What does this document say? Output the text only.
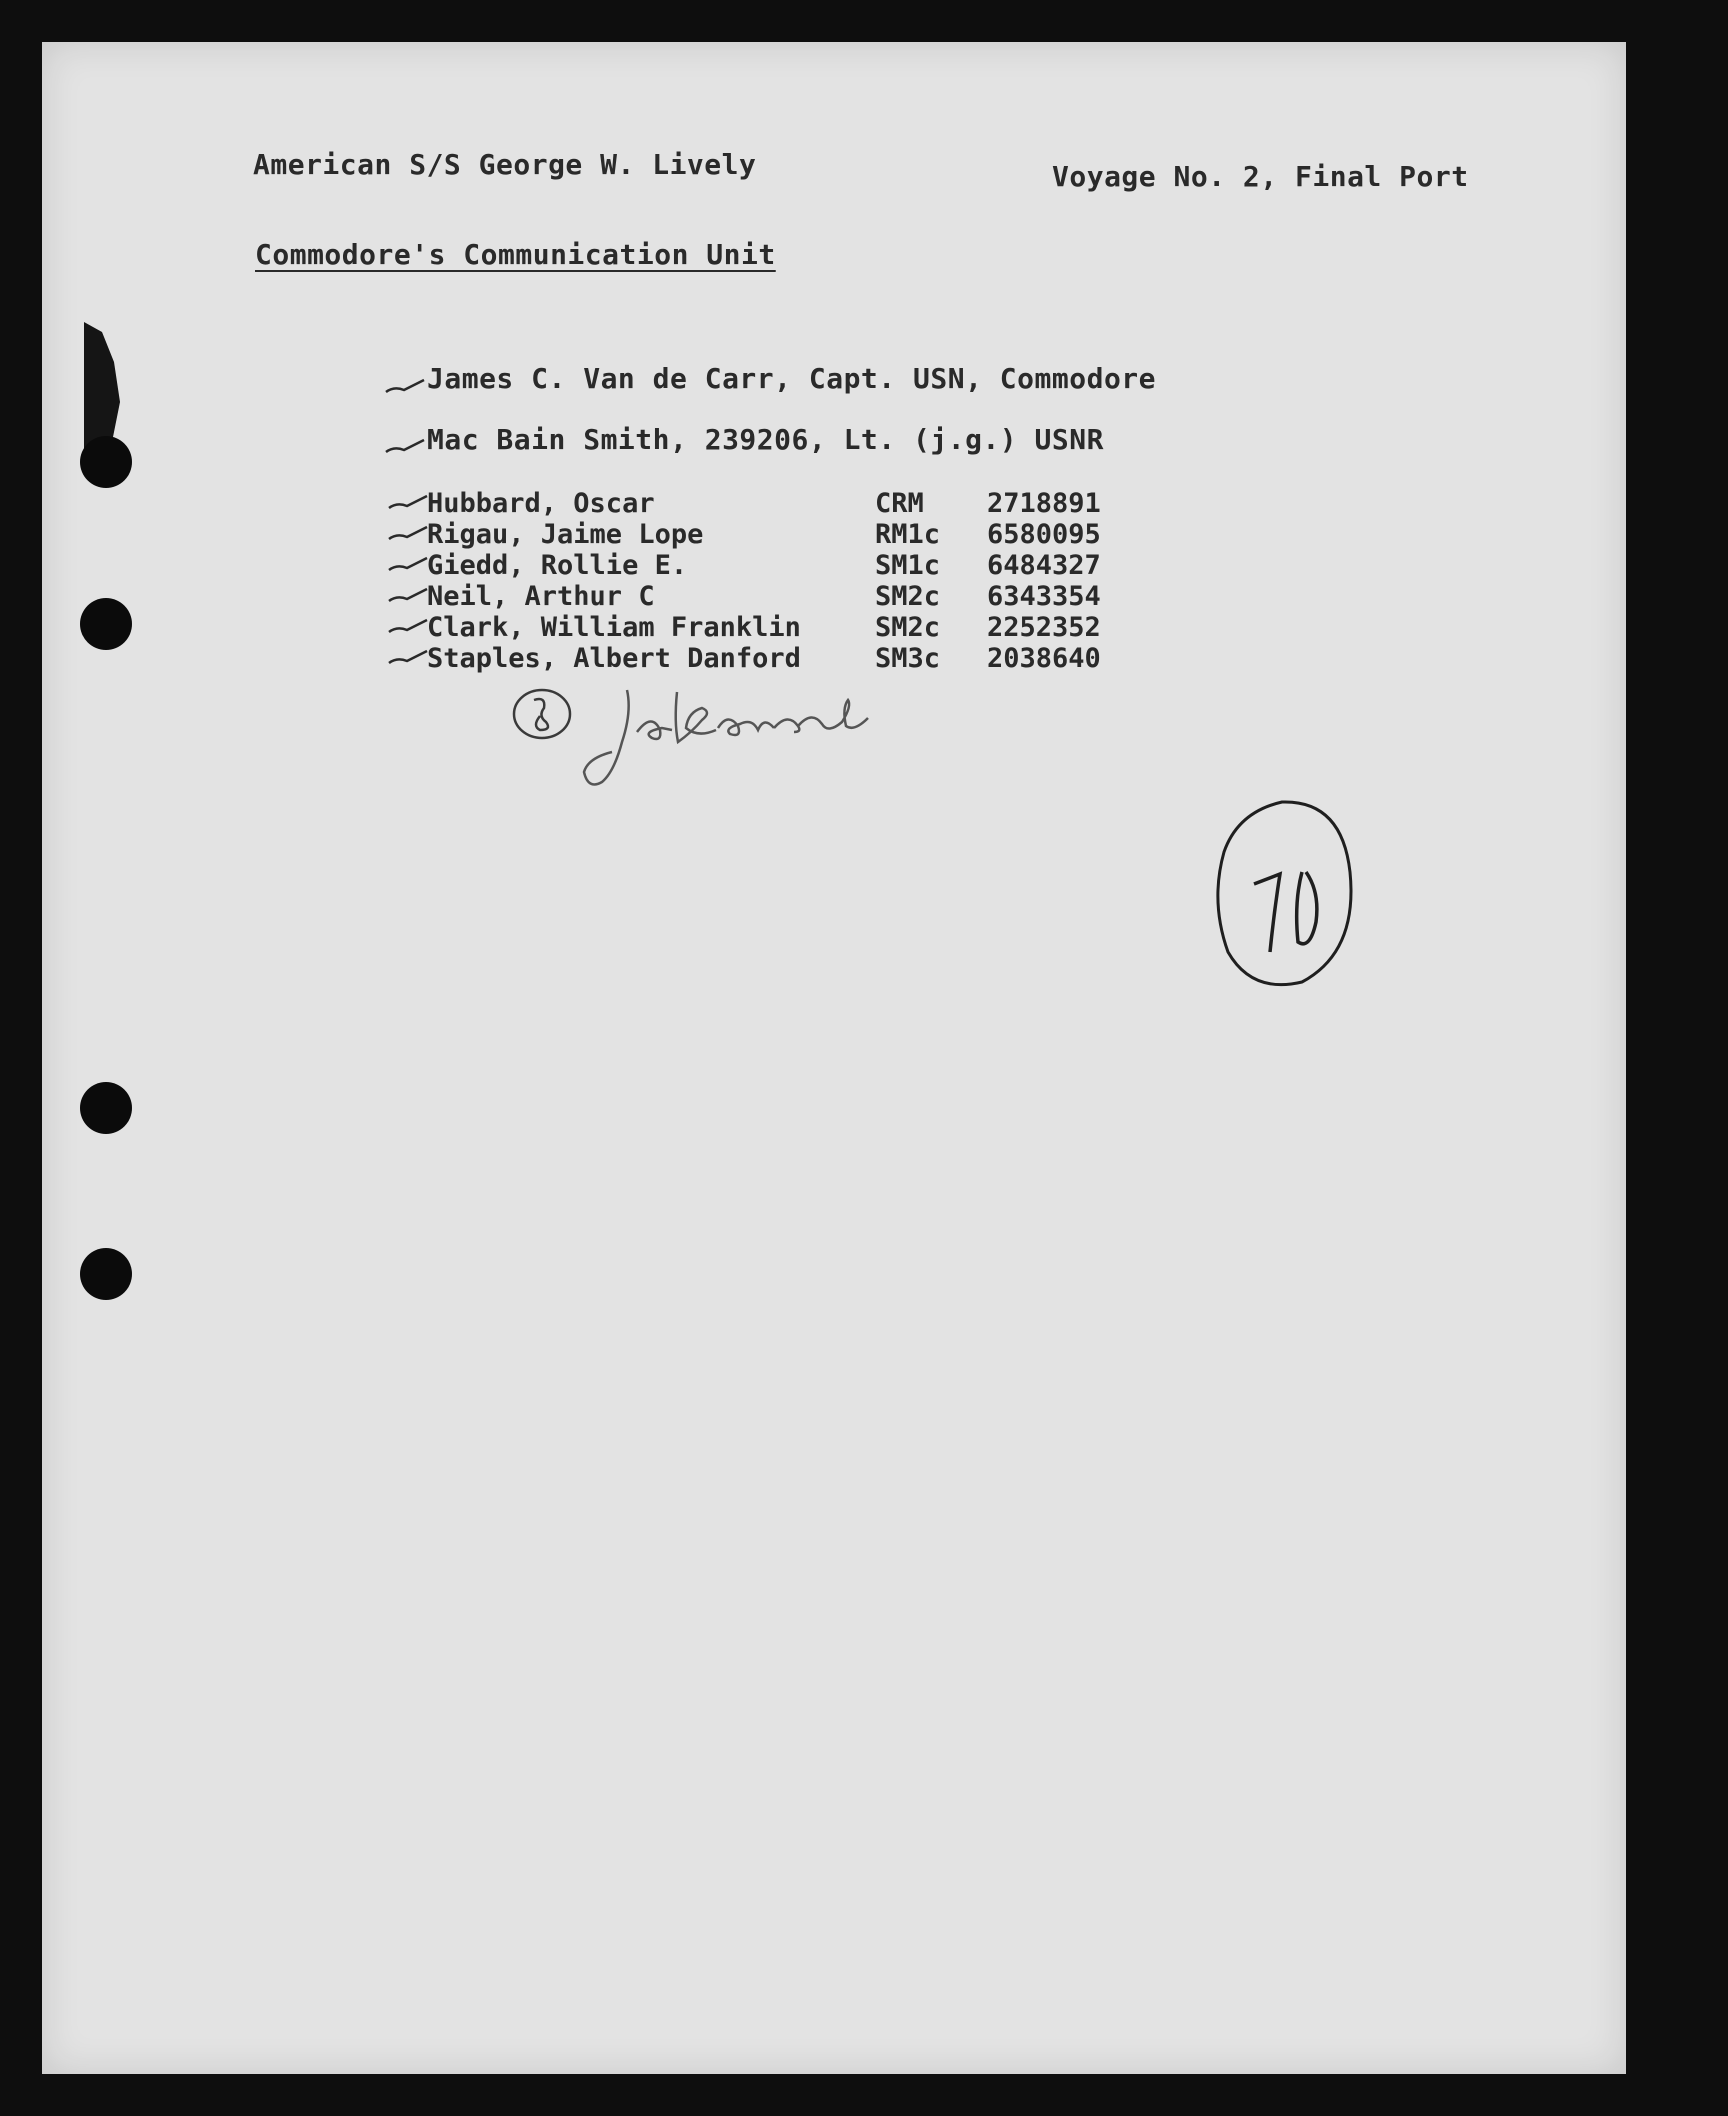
American S/S George W. Lively	Voyage No. 2, Final Port
Commodore's Communication Unit
James C. Van de Carr, Capt. USN, Commodore
Mac Bain Smith, 239206, Lt. (j.g.) USNR
Hubbard, Oscar	CRM 2718891
Rigau, Jaime Lope	RM1c 6580095
Giedd, Rollie E.	SM1c 6484327
Neil, Arthur C	SM2c 6343354
Clark, William Franklin	SM2c 2252352
Staples, Albert Danford	SM3c 2038640
